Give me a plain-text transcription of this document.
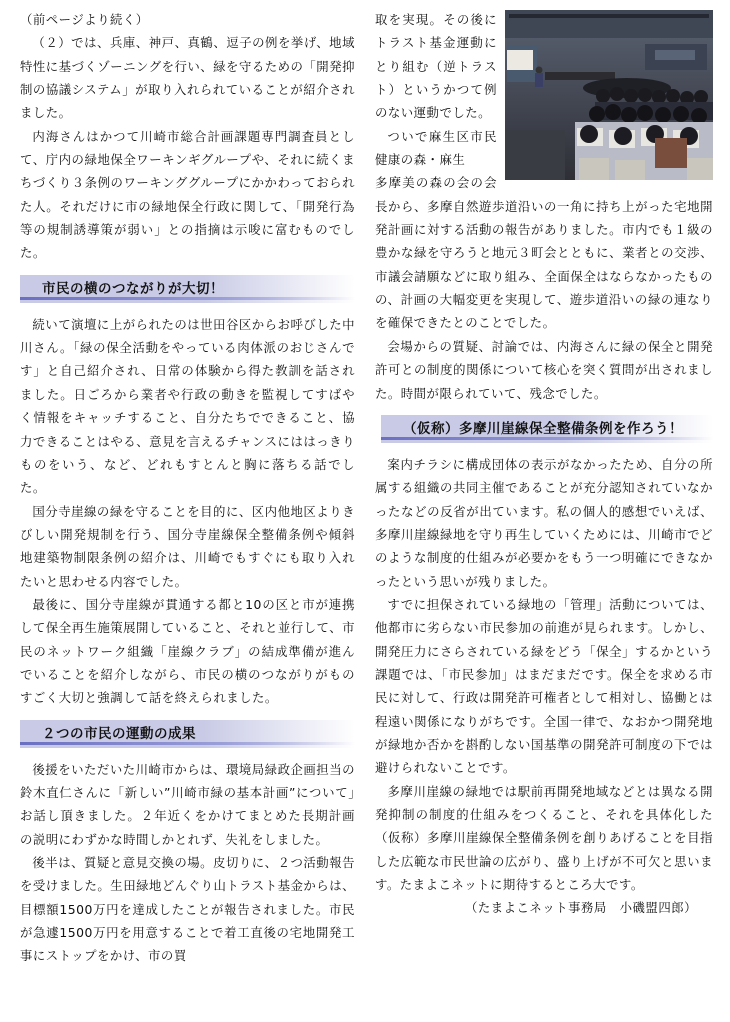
（前ページより続く）

（２）では、兵庫、神戸、真鶴、逗子の例を挙げ、地域特性に基づくゾーニングを行い、緑を守るための「開発抑制の協議システム」が取り入れられていることが紹介されました。

内海さんはかつて川崎市総合計画課題専門調査員として、庁内の緑地保全ワーキンギグループや、それに続くまちづくり３条例のワーキンググループにかかわっておられた人。それだけに市の緑地保全行政に関して、「開発行為等の規制誘導策が弱い」との指摘は示唆に富むものでした。

市民の横のつながりが大切！

続いて演壇に上がられたのは世田谷区からお呼びした中川さん。「緑の保全活動をやっている肉体派のおじさんです」と自己紹介され、日常の体験から得た教訓を話されました。日ごろから業者や行政の動きを監視してすばやく情報をキャッチすること、自分たちでできること、協力できることはやる、意見を言えるチャンスにははっきりものをいう、など、どれもすとんと胸に落ちる話でした。

国分寺崖線の緑を守ることを目的に、区内他地区よりきびしい開発規制を行う、国分寺崖線保全整備条例や傾斜地建築物制限条例の紹介は、川崎でもすぐにも取り入れたいと思わせる内容でした。

最後に、国分寺崖線が貫通する都と10の区と市が連携して保全再生施策展開していること、それと並行して、市民のネットワーク組織「崖線クラブ」の結成準備が進んでいることを紹介しながら、市民の横のつながりがものすごく大切と強調して話を終えられました。

２つの市民の運動の成果

後援をいただいた川崎市からは、環境局緑政企画担当の鈴木直仁さんに「新しい”川崎市緑の基本計画”について」お話し頂きました。２年近くをかけてまとめた長期計画の説明にわずかな時間しかとれず、失礼をしました。

後半は、質疑と意見交換の場。皮切りに、２つ活動報告を受けました。生田緑地どんぐり山トラスト基金からは、目標額1500万円を達成したことが報告されました。市民が急遽1500万円を用意することで着工直後の宅地開発工事にストップをかけ、市の買

取を実現。その後にトラスト基金運動にとり組む（逆トラスト）というかつて例のない運動でした。

ついで麻生区市民健康の森・麻生

多摩美の森の会の会長から、多摩自然遊歩道沿いの一角に持ち上がった宅地開発計画に対する活動の報告がありました。市内でも１級の豊かな緑を守ろうと地元３町会とともに、業者との交渉、市議会請願などに取り組み、全面保全はならなかったものの、計画の大幅変更を実現して、遊歩道沿いの緑の連なりを確保できたとのことでした。

会場からの質疑、討論では、内海さんに緑の保全と開発許可との制度的関係について核心を突く質問が出されました。時間が限られていて、残念でした。

（仮称）多摩川崖線保全整備条例を作ろう！

案内チラシに構成団体の表示がなかったため、自分の所属する組織の共同主催であることが充分認知されていなかったなどの反省が出ています。私の個人的感想でいえば、多摩川崖線緑地を守り再生していくためには、川崎市でどのような制度的仕組みが必要かをもう一つ明確にできなかったという思いが残りました。

すでに担保されている緑地の「管理」活動については、他都市に劣らない市民参加の前進が見られます。しかし、開発圧力にさらされている緑をどう「保全」するかという課題では、「市民参加」はまだまだです。保全を求める市民に対して、行政は開発許可権者として相対し、協働とは程遠い関係になりがちです。全国一律で、なおかつ開発地が緑地か否かを斟酌しない国基準の開発許可制度の下では避けられないことです。

多摩川崖線の緑地では駅前再開発地域などとは異なる開発抑制の制度的仕組みをつくること、それを具体化した（仮称）多摩川崖線保全整備条例を創りあげることを目指した広範な市民世論の広がり、盛り上げが不可欠と思います。たまよこネットに期待するところ大です。

（たまよこネット事務局　小磯盟四郎）
